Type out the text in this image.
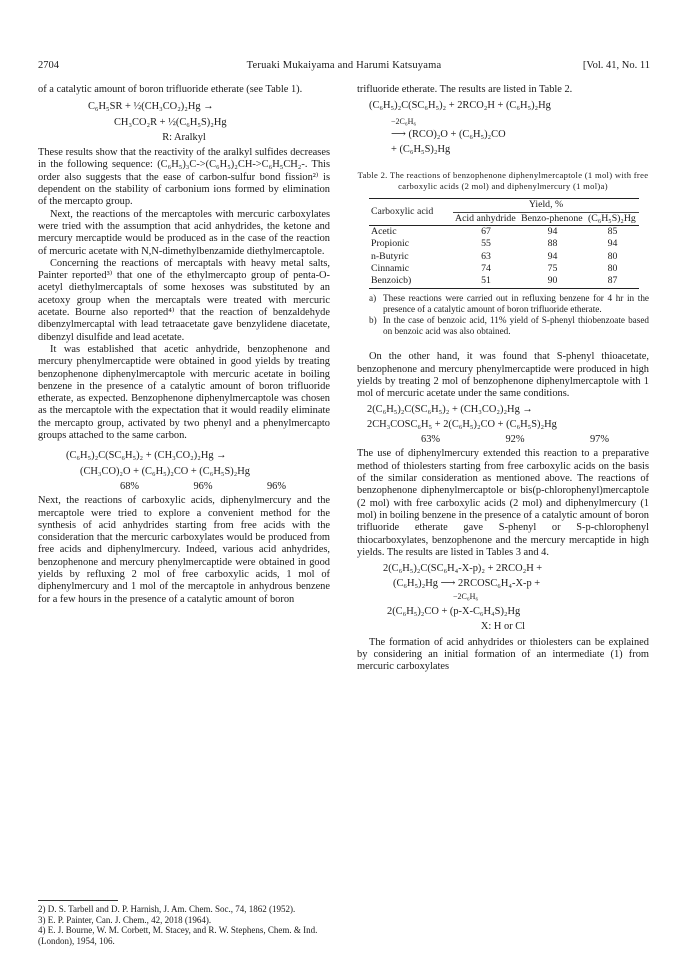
2704	Teruaki Mukaiyama and Harumi Katsuyama	[Vol. 41, No. 11

of a catalytic amount of boron trifluoride etherate (see Table 1).

C₆H₅SR + ½(CH₃CO₂)₂Hg →
CH₃CO₂R + ½(C₆H₅S)₂Hg
R: Aralkyl

These results show that the reactivity of the aralkyl sulfides decreases in the following sequence: (C₆H₅)₃C->(C₆H₅)₂CH->C₆H₅CH₂-. This order also suggests that the ease of carbon-sulfur bond fission²⁾ is dependent on the stability of carbonium ions formed by elimination of the mercapto group.

Next, the reactions of the mercaptoles with mercuric carboxylates were tried with the assumption that acid anhydrides, the ketone and mercury mercaptide would be produced as in the case of the reaction of mercuric acetate with N,N-dimethylbenzamide diethylmercaptole.

Concerning the reactions of mercaptals with heavy metal salts, Painter reported³⁾ that one of the ethylmercapto group of penta-O-acetyl diethylmercaptals of some hexoses was substituted by an acetoxy group when the mercaptals were treated with mercuric acetate. Bourne also reported⁴⁾ that the reaction of benzaldehyde dibenzylmercaptal with lead tetraacetate gave benzylidene diacetate, dibenzyl disulfide and lead acetate.

It was established that acetic anhydride, benzophenone and mercury phenylmercaptide were obtained in good yields by treating benzophenone diphenylmercaptole with mercuric acetate in boiling benzene in the presence of a catalytic amount of boron trifluoride etherate, as expected. Benzophenone diphenylmercaptole was chosen as the mercaptole with the expectation that it would readily eliminate the mercapto group, activated by two phenyl and a phenylmercapto groups attached to the same carbon.

(C₆H₅)₂C(SC₆H₅)₂ + (CH₃CO₂)₂Hg →
(CH₃CO)₂O + (C₆H₅)₂CO + (C₆H₅S)₂Hg
68%	96%	96%

Next, the reactions of carboxylic acids, diphenylmercury and the mercaptole were tried to explore a convenient method for the synthesis of acid anhydrides starting from free acids with the consideration that the mercuric carboxylates would be produced from free acids and diphenylmercury. Indeed, various acid anhydrides, benzophenone and mercury phenylmercaptide were obtained in good yields by refluxing 2 mol of free carboxylic acids, 1 mol of diphenylmercury and 1 mol of the mercaptole in anhydrous benzene for a few hours in the presence of a catalytic amount of boron

2) D. S. Tarbell and D. P. Harnish, J. Am. Chem. Soc., 74, 1862 (1952).

3) E. P. Painter, Can. J. Chem., 42, 2018 (1964).

4) E. J. Bourne, W. M. Corbett, M. Stacey, and R. W. Stephens, Chem. & Ind. (London), 1954, 106.

trifluoride etherate. The results are listed in Table 2.

(C₆H₅)₂C(SC₆H₅)₂ + 2RCO₂H + (C₆H₅)₂Hg
−2C₆H₆
⟶ (RCO)₂O + (C₆H₅)₂CO
+ (C₆H₅S)₂Hg
Table 2. The reactions of benzophenone diphenylmercaptole (1 mol) with free carboxylic acids (2 mol) and diphenylmercury (1 mol)a)
Carboxylic acid	Yield, %		
	Acid anhydride	Benzo-phenone	(C₆H₅S)₂Hg
Acetic	67	94	85
Propionic	55	88	94
n-Butyric	63	94	80
Cinnamic	74	75	80
Benzoicb)	51	90	87
a) These reactions were carried out in refluxing benzene for 4 hr in the presence of a catalytic amount of boron trifluoride etherate.
b) In the case of benzoic acid, 11% yield of S-phenyl thiobenzoate based on benzoic acid was also obtained.

On the other hand, it was found that S-phenyl thioacetate, benzophenone and mercury phenylmercaptide were produced in high yields by treating 2 mol of benzophenone diphenylmercaptole with 1 mol of mercuric acetate under the same conditions.

2(C₆H₅)₂C(SC₆H₅)₂ + (CH₃CO₂)₂Hg →
2CH₃COSC₆H₅ + 2(C₆H₅)₂CO + (C₆H₅S)₂Hg
63%	92%	97%

The use of diphenylmercury extended this reaction to a preparative method of thiolesters starting from free carboxylic acids on the basis of the similar consideration as mentioned above. The reactions of benzophenone diphenylmercaptole or bis(p-chlorophenyl)mercaptole (2 mol) with free carboxylic acids (2 mol) and diphenylmercury (1 mol) in boiling benzene in the presence of a catalytic amount of boron trifluoride etherate gave S-phenyl or S-p-chlorophenyl thiocarboxylates, benzophenone and the mercury mercaptide in high yields. The results are listed in Tables 3 and 4.

2(C₆H₅)₂C(SC₆H₄-X-p)₂ + 2RCO₂H +
(C₆H₅)₂Hg ⟶ 2RCOSC₆H₄-X-p +
−2C₆H₆
2(C₆H₅)₂CO + (p-X-C₆H₄S)₂Hg
X: H or Cl

The formation of acid anhydrides or thiolesters can be explained by considering an initial formation of an intermediate (1) from mercuric carboxylates
